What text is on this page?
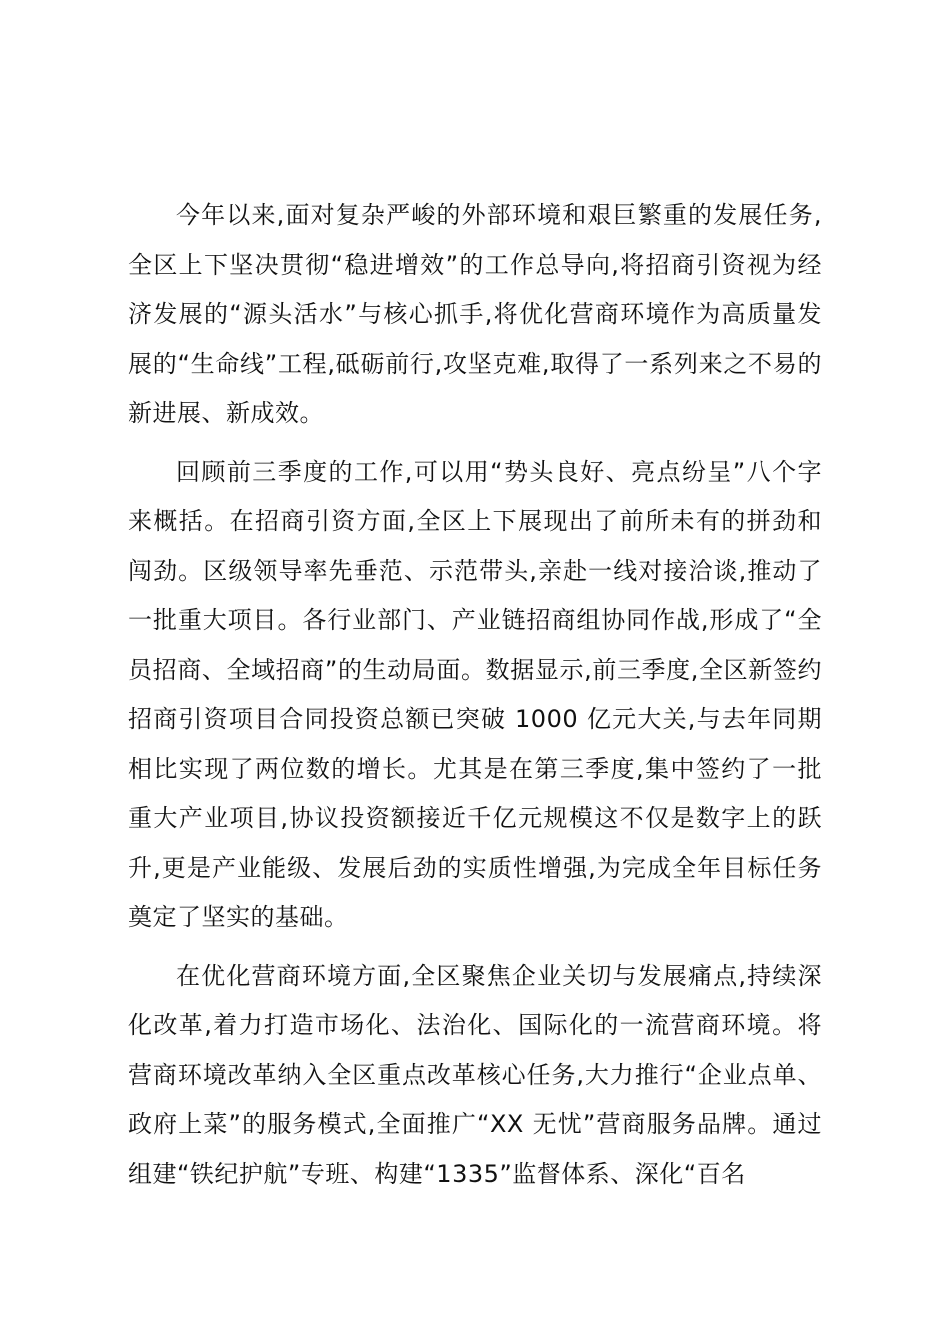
今年以来,面对复杂严峻的外部环境和艰巨繁重的发展任务,全区上下坚决贯彻“稳进增效”的工作总导向,将招商引资视为经济发展的“源头活水”与核心抓手,将优化营商环境作为高质量发展的“生命线”工程,砥砺前行,攻坚克难,取得了一系列来之不易的新进展、新成效。

回顾前三季度的工作,可以用“势头良好、亮点纷呈”八个字来概括。在招商引资方面,全区上下展现出了前所未有的拼劲和闯劲。区级领导率先垂范、示范带头,亲赴一线对接洽谈,推动了一批重大项目。各行业部门、产业链招商组协同作战,形成了“全员招商、全域招商”的生动局面。数据显示,前三季度,全区新签约招商引资项目合同投资总额已突破 1000 亿元大关,与去年同期相比实现了两位数的增长。尤其是在第三季度,集中签约了一批重大产业项目,协议投资额接近千亿元规模这不仅是数字上的跃升,更是产业能级、发展后劲的实质性增强,为完成全年目标任务奠定了坚实的基础。

在优化营商环境方面,全区聚焦企业关切与发展痛点,持续深化改革,着力打造市场化、法治化、国际化的一流营商环境。将营商环境改革纳入全区重点改革核心任务,大力推行“企业点单、政府上菜”的服务模式,全面推广“XX 无忧”营商服务品牌。通过组建“铁纪护航”专班、构建“1335”监督体系、深化“百名
